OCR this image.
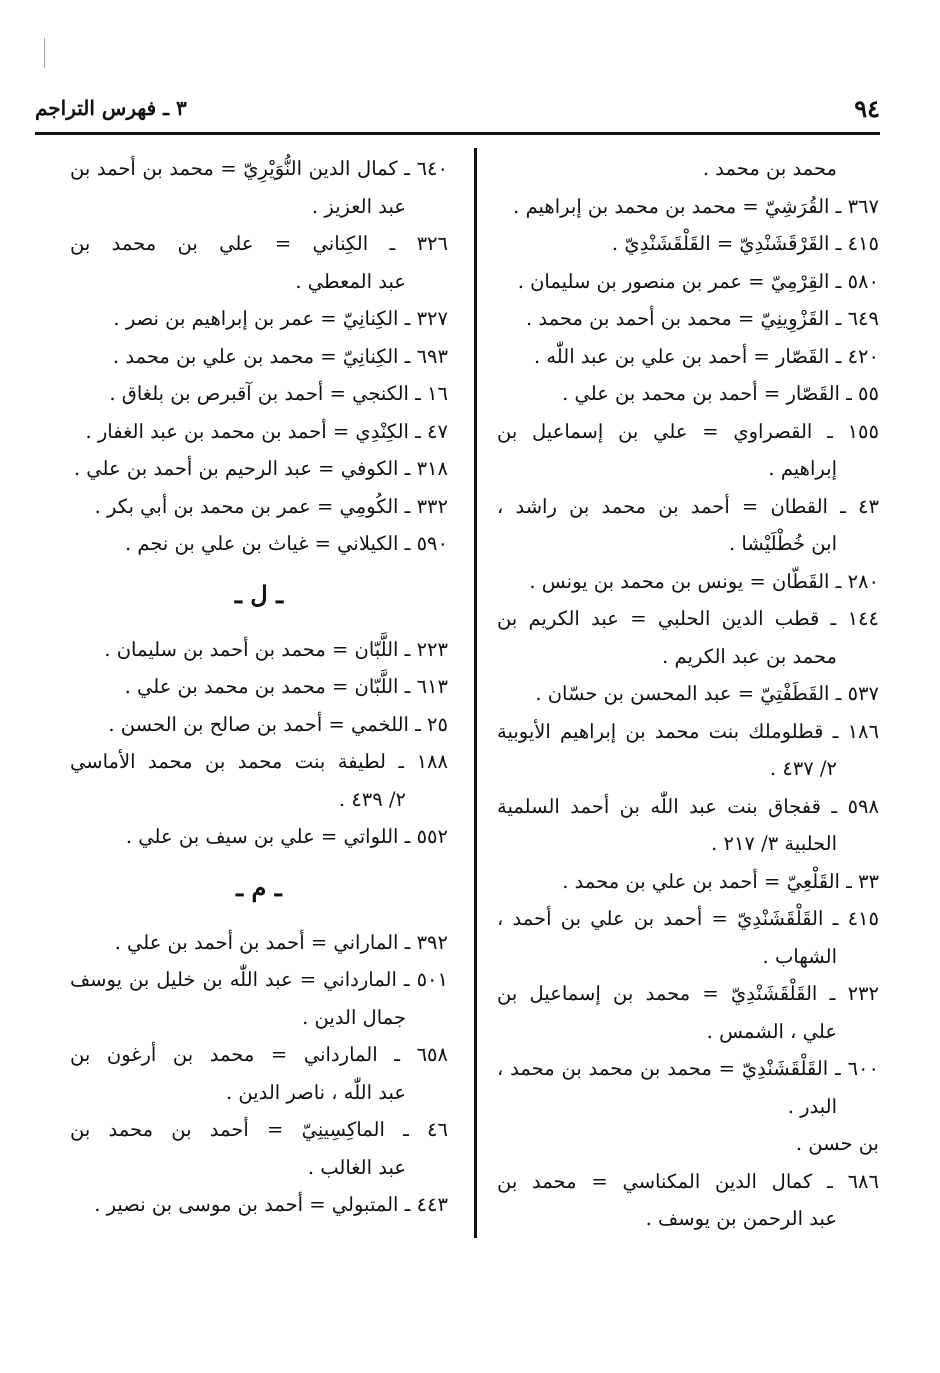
٩٤
٣ ـ فهرس التراجم
محمد بن محمد .
٣٦٧ ـ القُرَشِيّ = محمد بن محمد بن إبراهيم .
٤١٥ ـ القَرْقَشَنْدِيّ = القَلْقَشَنْدِيّ .
٥٨٠ ـ القِرْمِيّ = عمر بن منصور بن سليمان .
٦٤٩ ـ القَزْوِينِيّ = محمد بن أحمد بن محمد .
٤٢٠ ـ القَصّار = أحمد بن علي بن عبد اللّٰه .
٥٥ ـ القَصّار = أحمد بن محمد بن علي .
١٥٥ ـ القصراوي = علي بن إسماعيل بن
إبراهيم .
٤٣ ـ القطان = أحمد بن محمد بن راشد ،
ابن خُطْلَيْشا .
٢٨٠ ـ القَطّان = يونس بن محمد بن يونس .
١٤٤ ـ قطب الدين الحلبي = عبد الكريم بن
محمد بن عبد الكريم .
٥٣٧ ـ القَطَفْتِيّ = عبد المحسن بن حسّان .
١٨٦ ـ قطلوملك بنت محمد بن إبراهيم الأيوبية
٢/ ٤٣٧ .
٥٩٨ ـ قفجاق بنت عبد اللّٰه بن أحمد السلمية
الحلبية ٣/ ٢١٧ .
٣٣ ـ القَلْعِيّ = أحمد بن علي بن محمد .
٤١٥ ـ القَلْقَشَنْدِيّ = أحمد بن علي بن أحمد ،
الشهاب .
٢٣٢ ـ القَلْقَشَنْدِيّ = محمد بن إسماعيل بن
علي ، الشمس .
٦٠٠ ـ القَلْقَشَنْدِيّ = محمد بن محمد بن محمد ،
البدر .
بن حسن .
٦٨٦ ـ كمال الدين المكناسي = محمد بن
عبد الرحمن بن يوسف .
٦٤٠ ـ كمال الدين النُّوَيْرِيّ = محمد بن أحمد بن
عبد العزيز .
٣٢٦ ـ الكِناني = علي بن محمد بن
عبد المعطي .
٣٢٧ ـ الكِنانِيّ = عمر بن إبراهيم بن نصر .
٦٩٣ ـ الكِنانِيّ = محمد بن علي بن محمد .
١٦ ـ الكنجي = أحمد بن آقبرص بن بلغاق .
٤٧ ـ الكِنْدِي = أحمد بن محمد بن عبد الغفار .
٣١٨ ـ الكوفي = عبد الرحيم بن أحمد بن علي .
٣٣٢ ـ الكُومِي = عمر بن محمد بن أبي بكر .
٥٩٠ ـ الكيلاني = غياث بن علي بن نجم .
ـ ل ـ
٢٢٣ ـ اللَّبّان = محمد بن أحمد بن سليمان .
٦١٣ ـ اللَّبّان = محمد بن محمد بن علي .
٢٥ ـ اللخمي = أحمد بن صالح بن الحسن .
١٨٨ ـ لطيفة بنت محمد بن محمد الأماسي
٢/ ٤٣٩ .
٥٥٢ ـ اللواتي = علي بن سيف بن علي .
ـ م ـ
٣٩٢ ـ الماراني = أحمد بن أحمد بن علي .
٥٠١ ـ المارداني = عبد اللّٰه بن خليل بن يوسف
جمال الدين .
٦٥٨ ـ المارداني = محمد بن أرغون بن
عبد اللّٰه ، ناصر الدين .
٤٦ ـ الماكِسِينِيّ = أحمد بن محمد بن
عبد الغالب .
٤٤٣ ـ المتبولي = أحمد بن موسى بن نصير .
